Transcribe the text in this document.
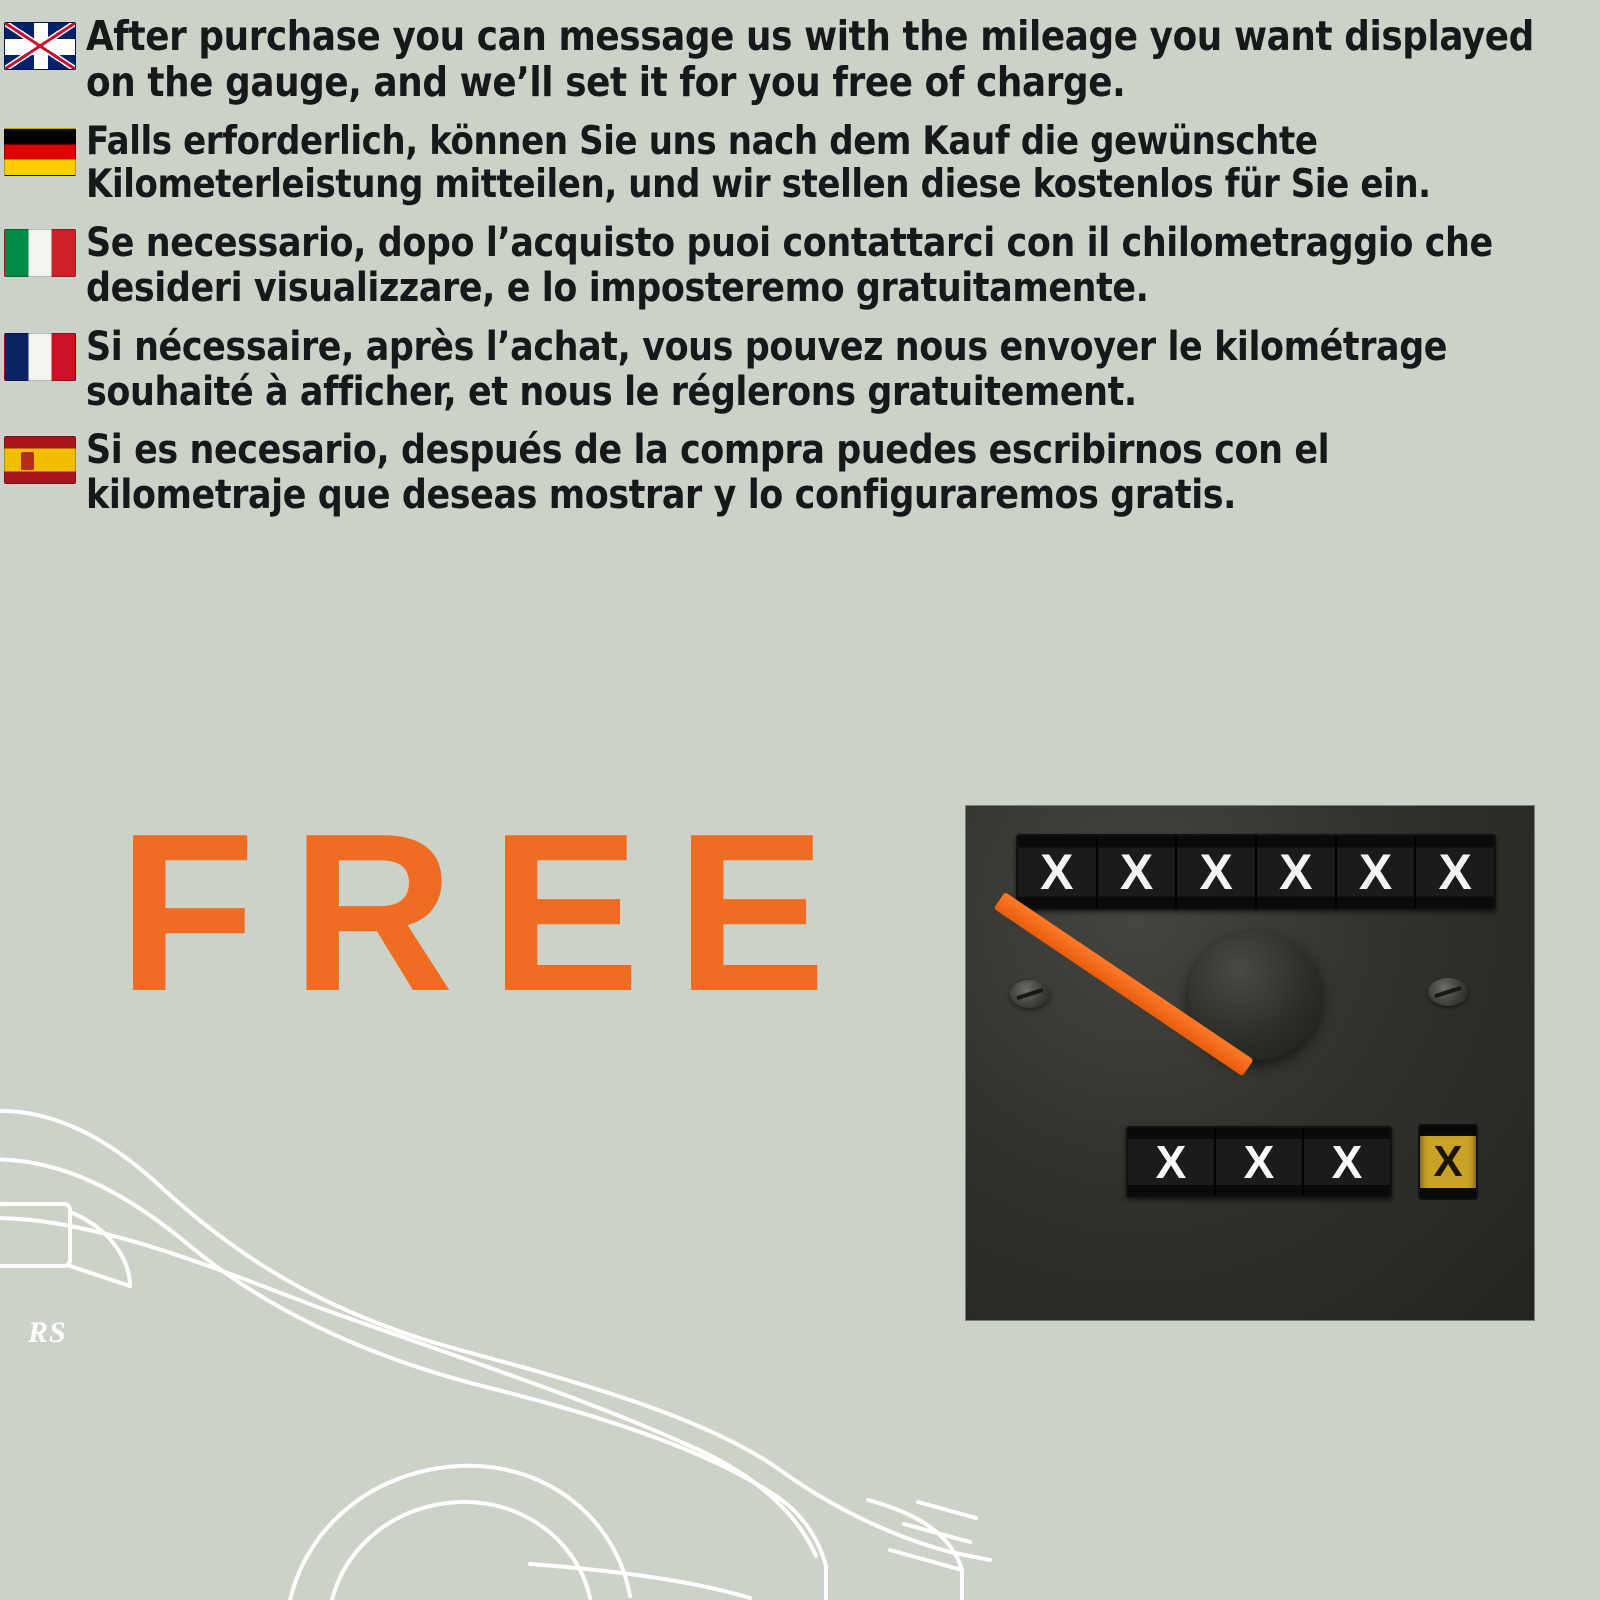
After purchase you can message us with the mileage you want displayed on the gauge, and we’ll set it for you free of charge.
Falls erforderlich, können Sie uns nach dem Kauf die gewünschte Kilometerleistung mitteilen, und wir stellen diese kostenlos für Sie ein.
Se necessario, dopo l’acquisto puoi contattarci con il chilometraggio che desideri visualizzare, e lo imposteremo gratuitamente.
Si nécessaire, après l’achat, vous pouvez nous envoyer le kilométrage souhaité à afficher, et nous le réglerons gratuitement.
Si es necesario, después de la compra puedes escribirnos con el kilometraje que deseas mostrar y lo configuraremos gratis.
FREE	X X X X X X
X	X	X	X
RS
